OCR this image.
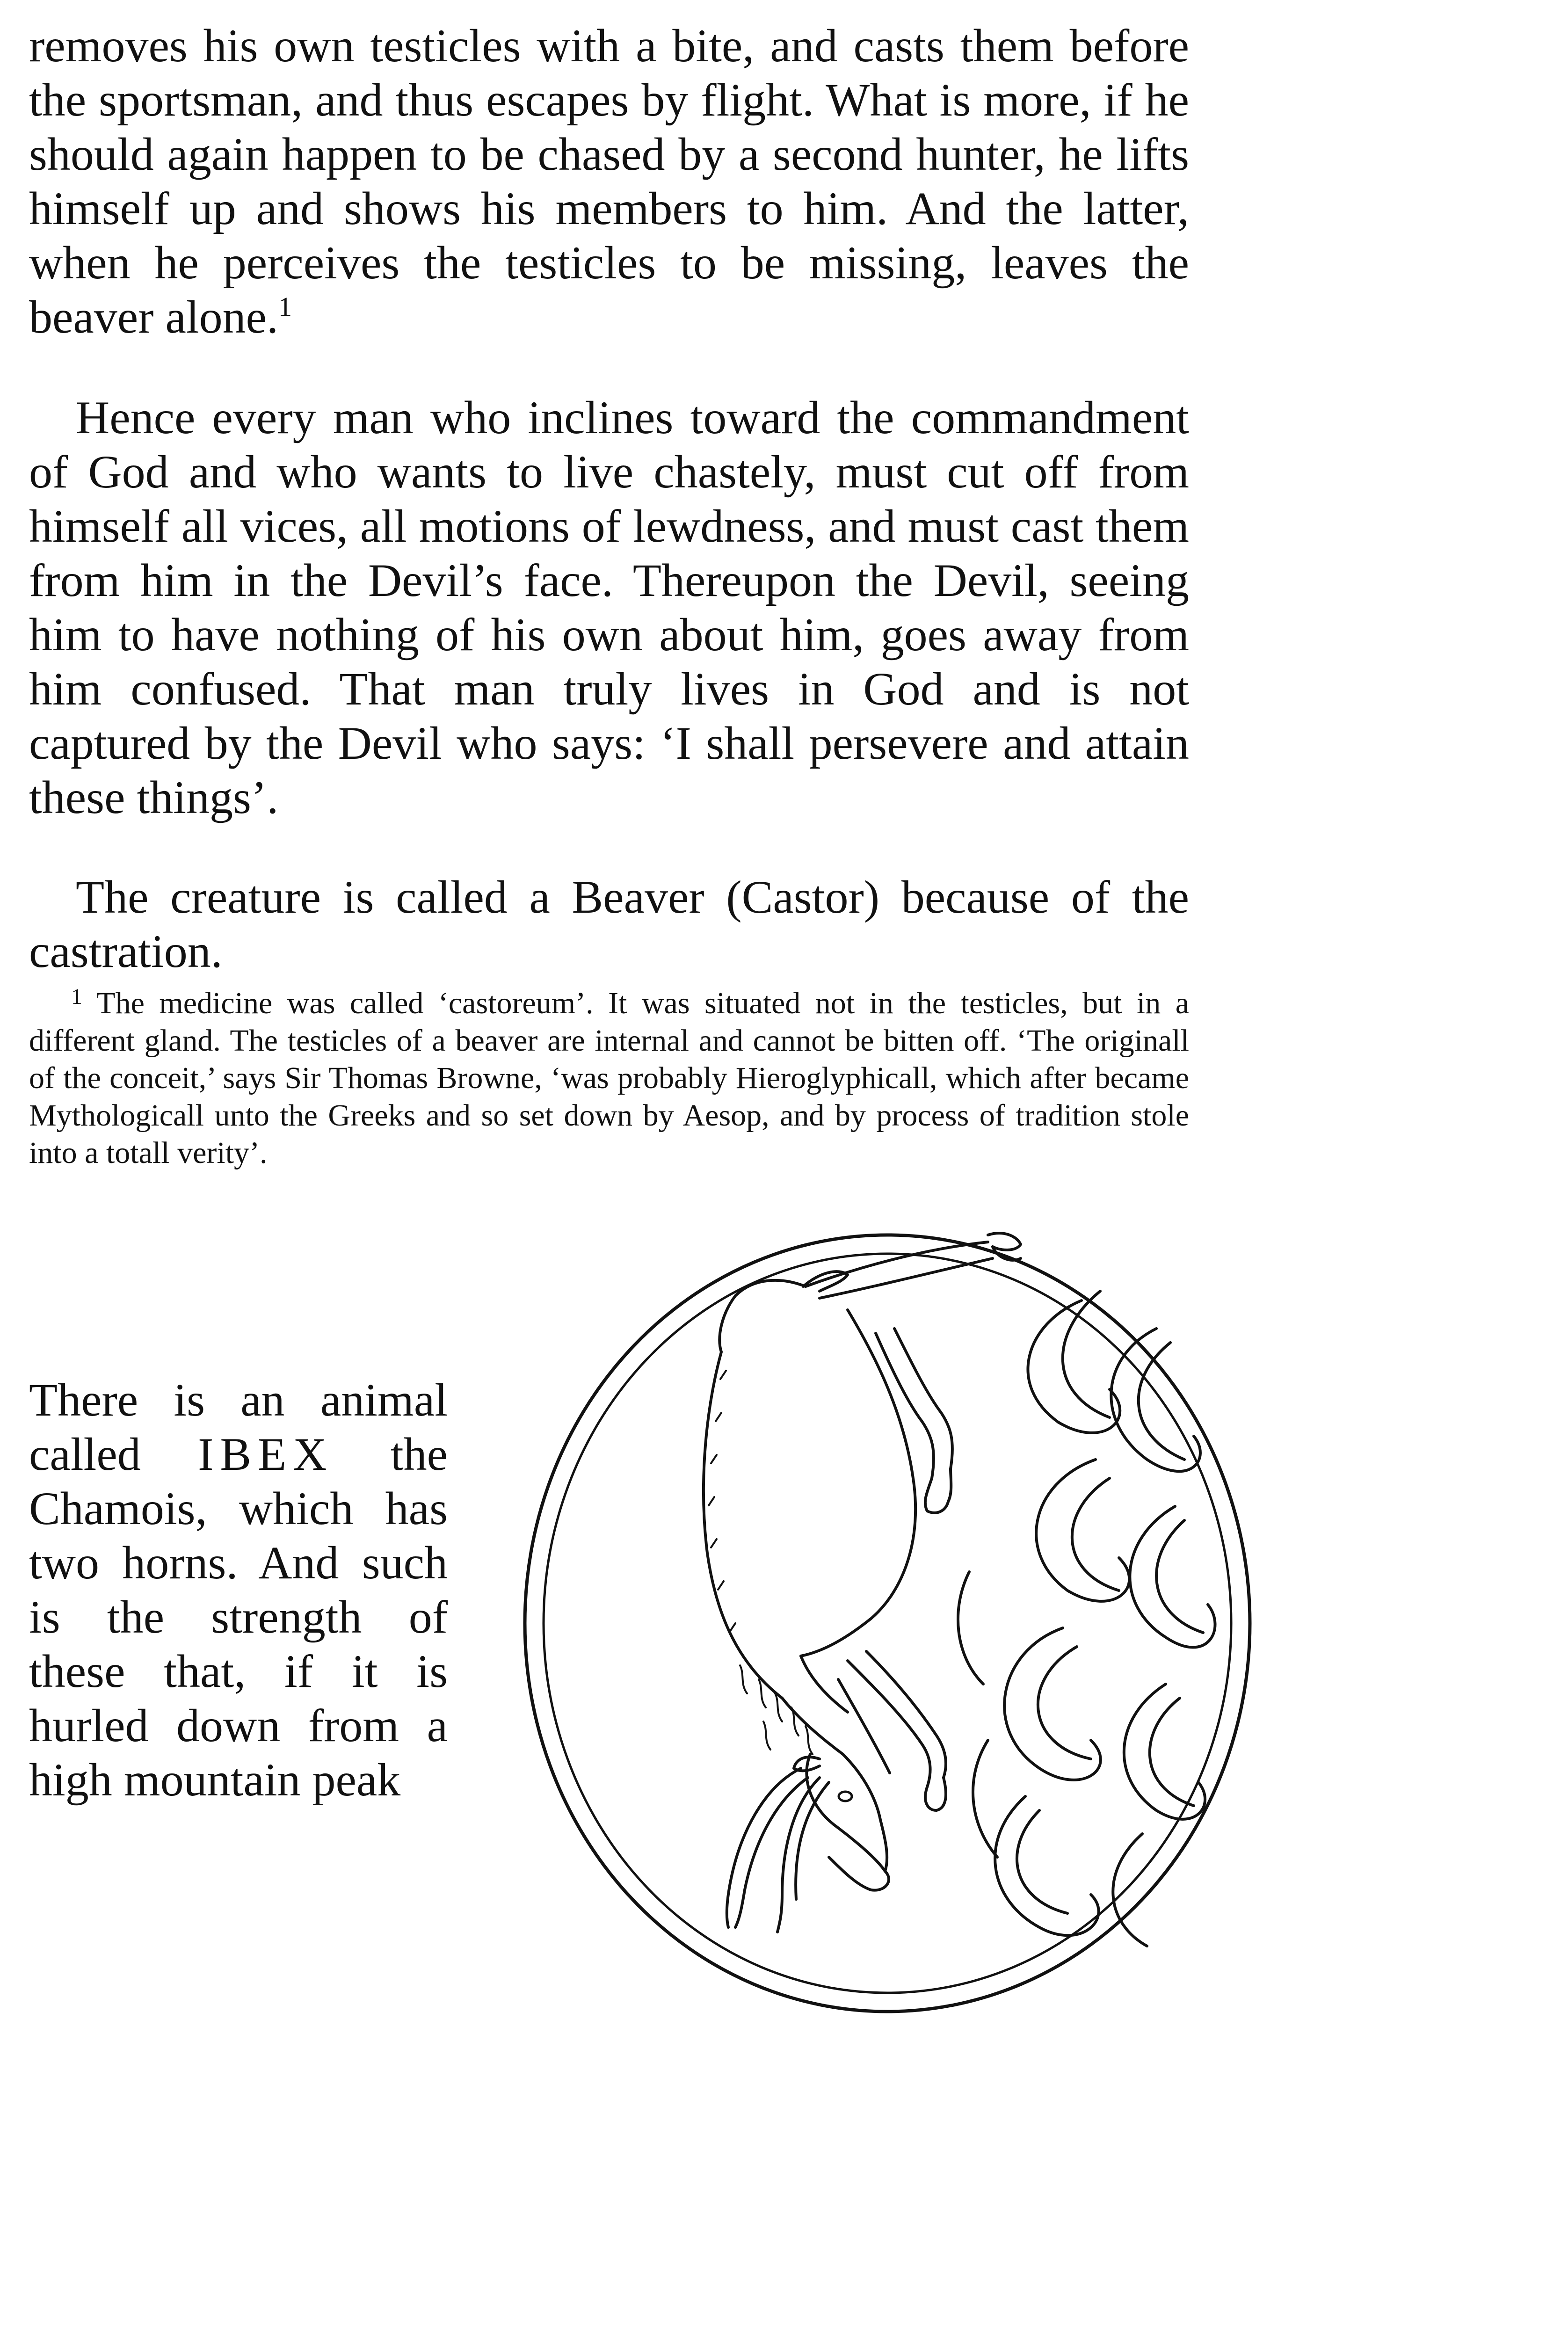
removes his own testicles with a bite, and casts them before the sportsman, and thus escapes by flight. What is more, if he should again happen to be chased by a second hunter, he lifts himself up and shows his members to him. And the latter, when he perceives the testicles to be missing, leaves the beaver alone.$^1$

Hence every man who inclines toward the commandment of God and who wants to live chastely, must cut off from himself all vices, all motions of lewdness, and must cast them from him in the Devil’s face. Thereupon the Devil, seeing him to have nothing of his own about him, goes away from him confused. That man truly lives in God and is not captured by the Devil who says: ‘I shall persevere and attain these things’.

The creature is called a Beaver (Castor) because of the castration.

$^1$ The medicine was called ‘castoreum’. It was situated not in the testicles, but in a different gland. The testicles of a beaver are internal and cannot be bitten off. ‘The originall of the conceit,’ says Sir Thomas Browne, ‘was probably Hieroglyphicall, which after became Mythologicall unto the Greeks and so set down by Aesop, and by process of tradition stole into a totall verity’.

There is an animal called IBEX the Chamois, which has two horns. And such is the strength of these that, if it is hurled down from a high mountain peak
